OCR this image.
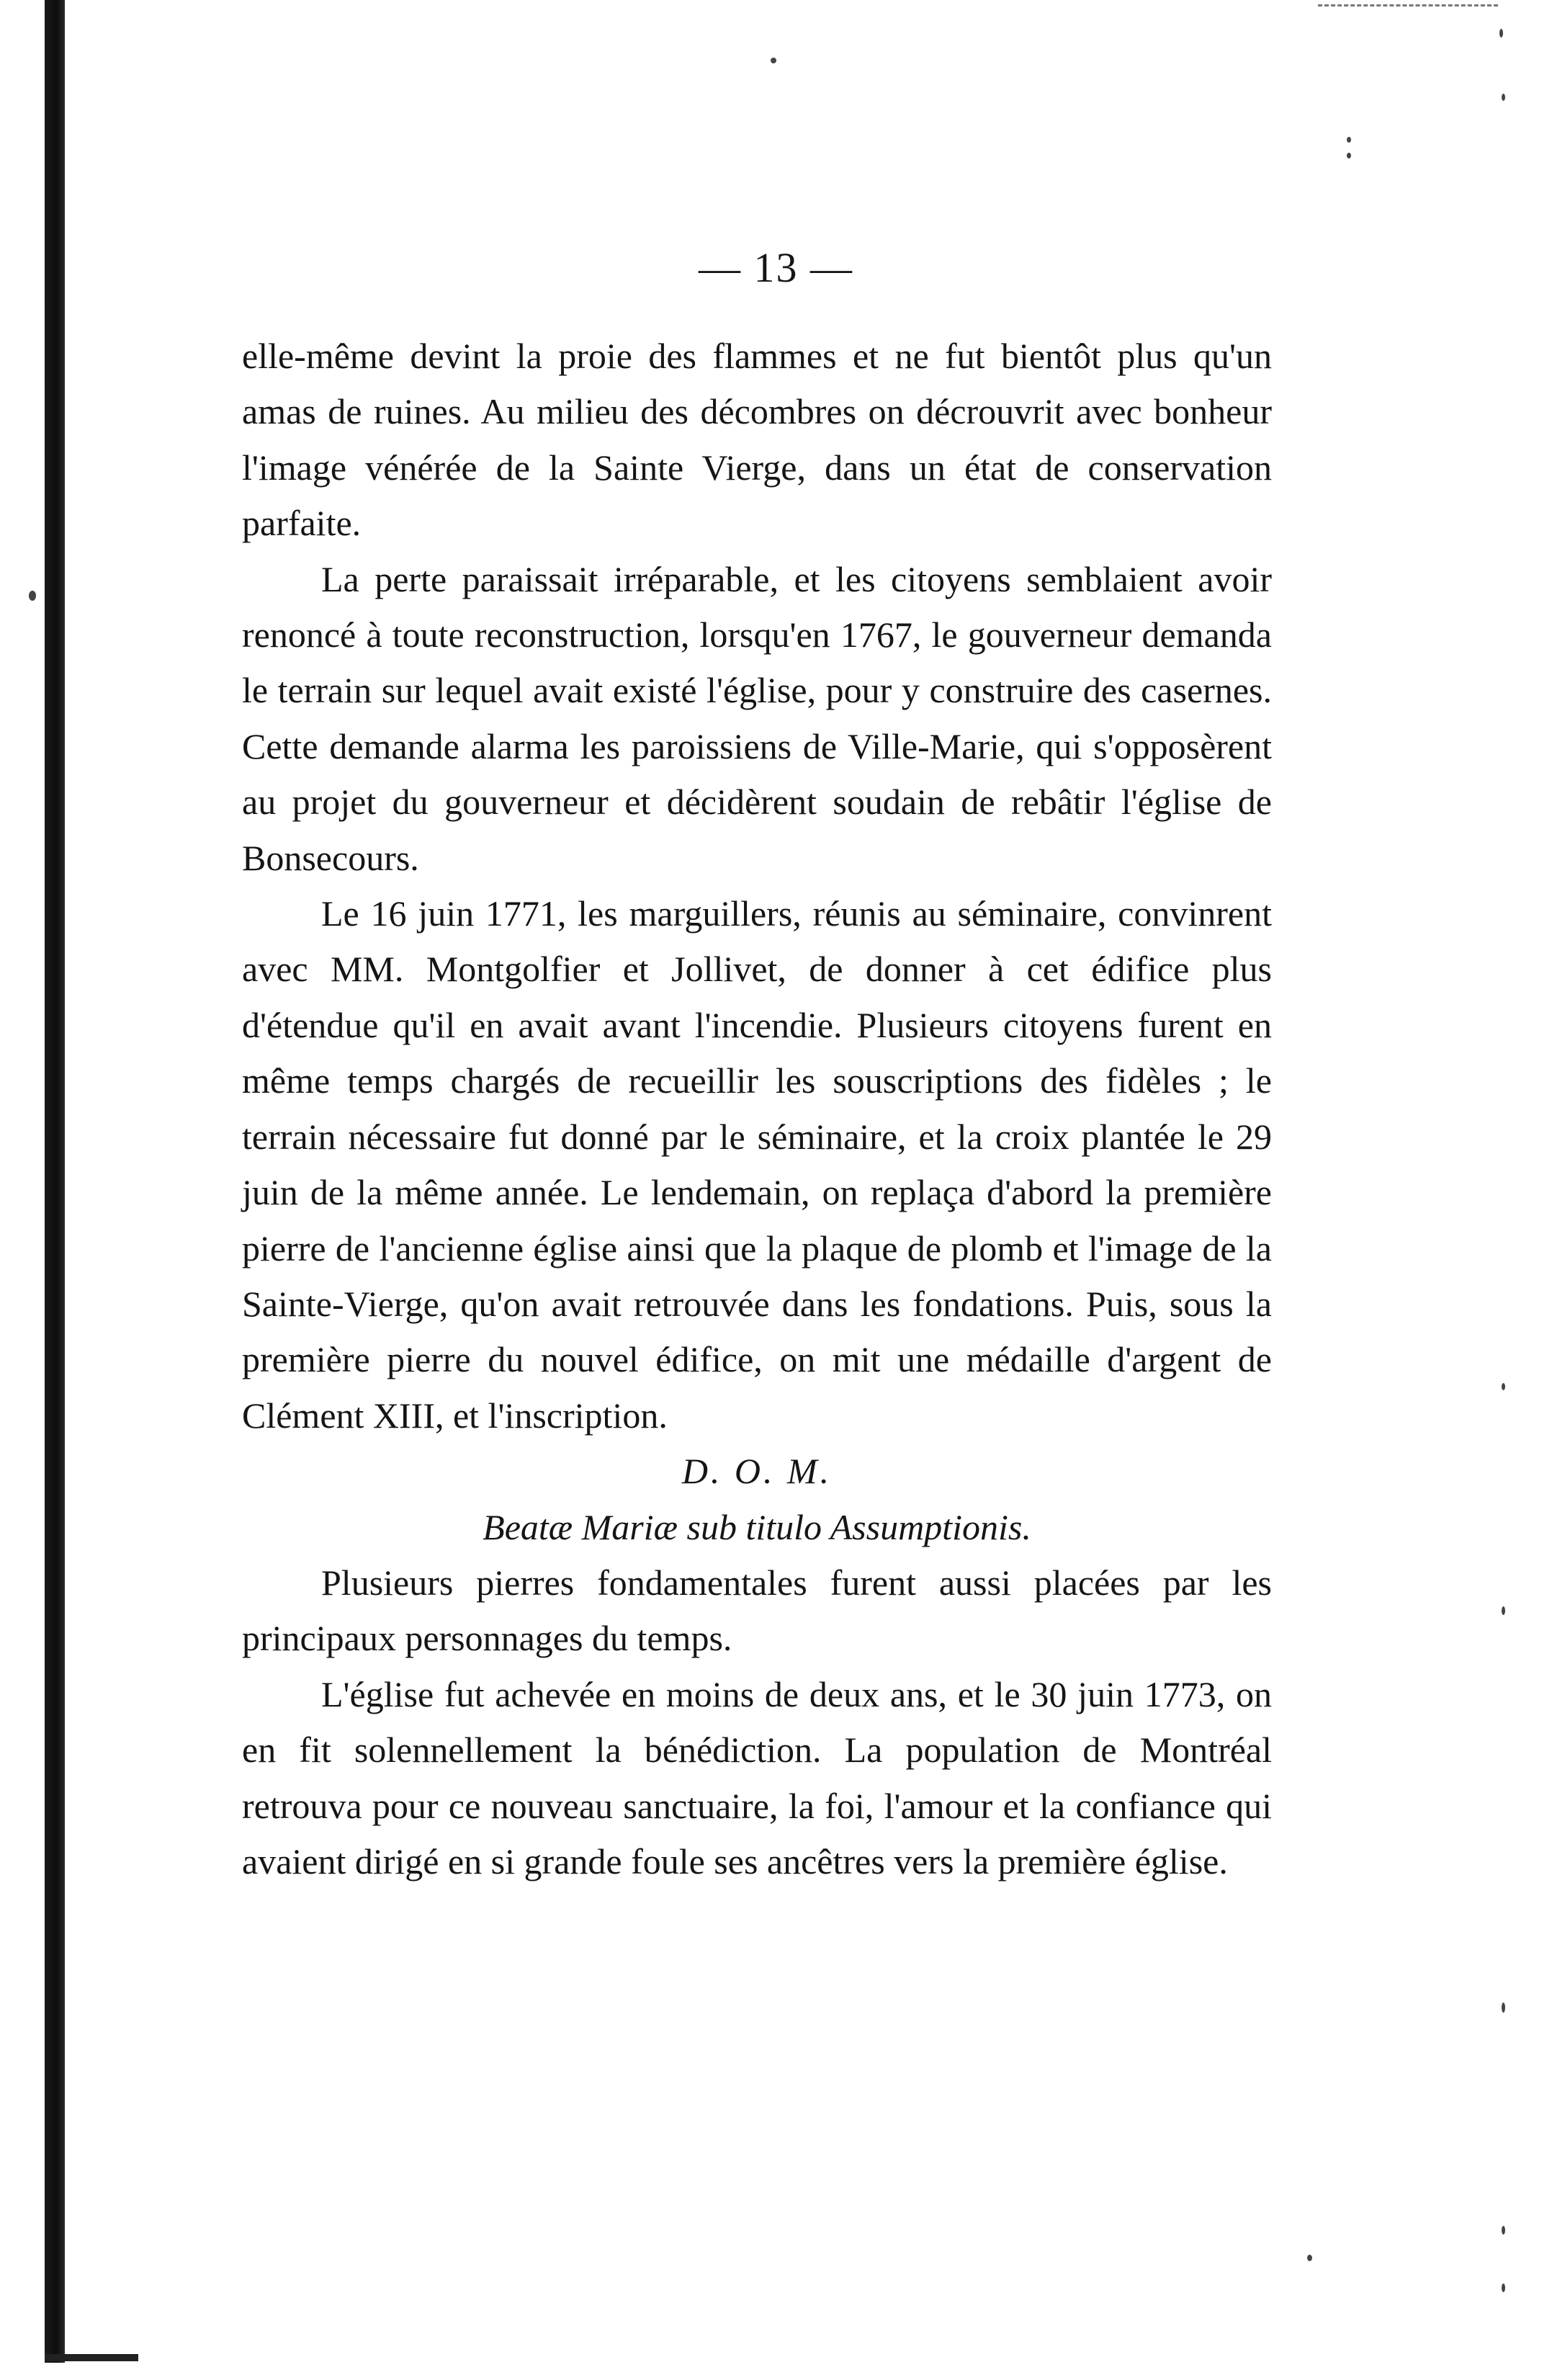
— 13 —

elle-même devint la proie des flammes et ne fut bientôt plus qu'un amas de ruines. Au milieu des décombres on décrouvrit avec bonheur l'image vénérée de la Sainte Vierge, dans un état de conservation parfaite.

La perte paraissait irréparable, et les citoyens semblaient avoir renoncé à toute reconstruction, lorsqu'en 1767, le gouverneur demanda le terrain sur lequel avait existé l'église, pour y construire des casernes. Cette demande alarma les paroissiens de Ville-Marie, qui s'opposèrent au projet du gouverneur et décidèrent soudain de rebâtir l'église de Bonsecours.

Le 16 juin 1771, les marguillers, réunis au séminaire, convinrent avec MM. Montgolfier et Jollivet, de donner à cet édifice plus d'étendue qu'il en avait avant l'incendie. Plusieurs citoyens furent en même temps chargés de recueillir les souscriptions des fidèles ; le terrain nécessaire fut donné par le séminaire, et la croix plantée le 29 juin de la même année. Le lendemain, on replaça d'abord la première pierre de l'ancienne église ainsi que la plaque de plomb et l'image de la Sainte-Vierge, qu'on avait retrouvée dans les fondations. Puis, sous la première pierre du nouvel édifice, on mit une médaille d'argent de Clément XIII, et l'inscription.

D. O. M.

Beatæ Mariæ sub titulo Assumptionis.

Plusieurs pierres fondamentales furent aussi placées par les principaux personnages du temps.

L'église fut achevée en moins de deux ans, et le 30 juin 1773, on en fit solennellement la bénédiction. La population de Montréal retrouva pour ce nouveau sanctuaire, la foi, l'amour et la confiance qui avaient dirigé en si grande foule ses ancêtres vers la première église.
